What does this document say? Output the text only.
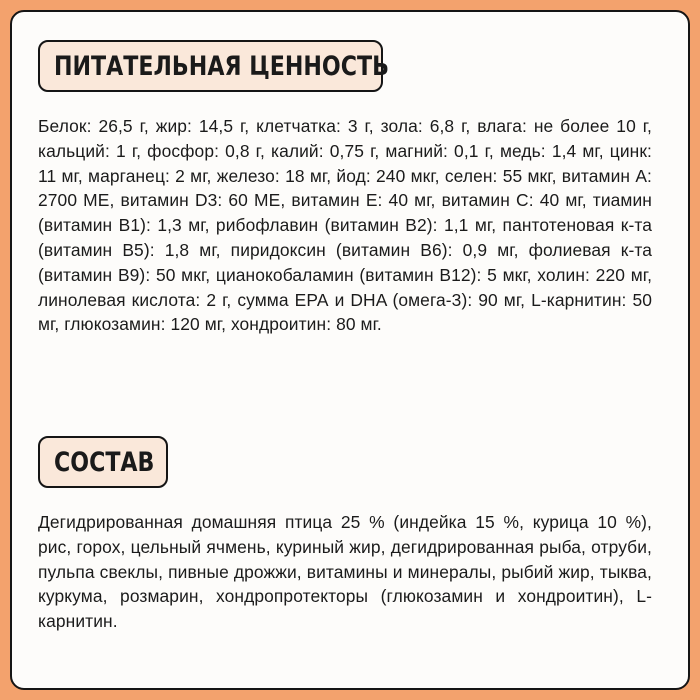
ПИТАТЕЛЬНАЯ ЦЕННОСТЬ
Белок: 26,5 г, жир: 14,5 г, клетчатка: 3 г, зола: 6,8 г, влага: не более 10 г, кальций: 1 г, фосфор: 0,8 г, калий: 0,75 г, магний: 0,1 г, медь: 1,4 мг, цинк: 11 мг, марганец: 2 мг, железо: 18 мг, йод: 240 мкг, селен: 55 мкг, витамин А: 2700 МЕ, витамин D3: 60 МЕ, витамин Е: 40 мг, витамин С: 40 мг, тиамин (витамин В1): 1,3 мг, рибофлавин (витамин В2): 1,1 мг, пантотеновая к-та (витамин В5): 1,8 мг, пиридоксин (витамин В6): 0,9 мг, фолиевая к-та (витамин В9): 50 мкг, цианокобаламин (витамин В12): 5 мкг, холин: 220 мг, линолевая кислота: 2 г, сумма ЕРА и DHA (омега-3): 90 мг, L-карнитин: 50 мг, глюкозамин: 120 мг, хондроитин: 80 мг.
СОСТАВ
Дегидрированная домашняя птица 25 % (индейка 15 %, курица 10 %), рис, горох, цельный ячмень, куриный жир, дегидрированная рыба, отруби, пульпа свеклы, пивные дрожжи, витамины и минералы, рыбий жир, тыква, куркума, розмарин, хондропротекторы (глюкозамин и хондроитин), L-карнитин.
